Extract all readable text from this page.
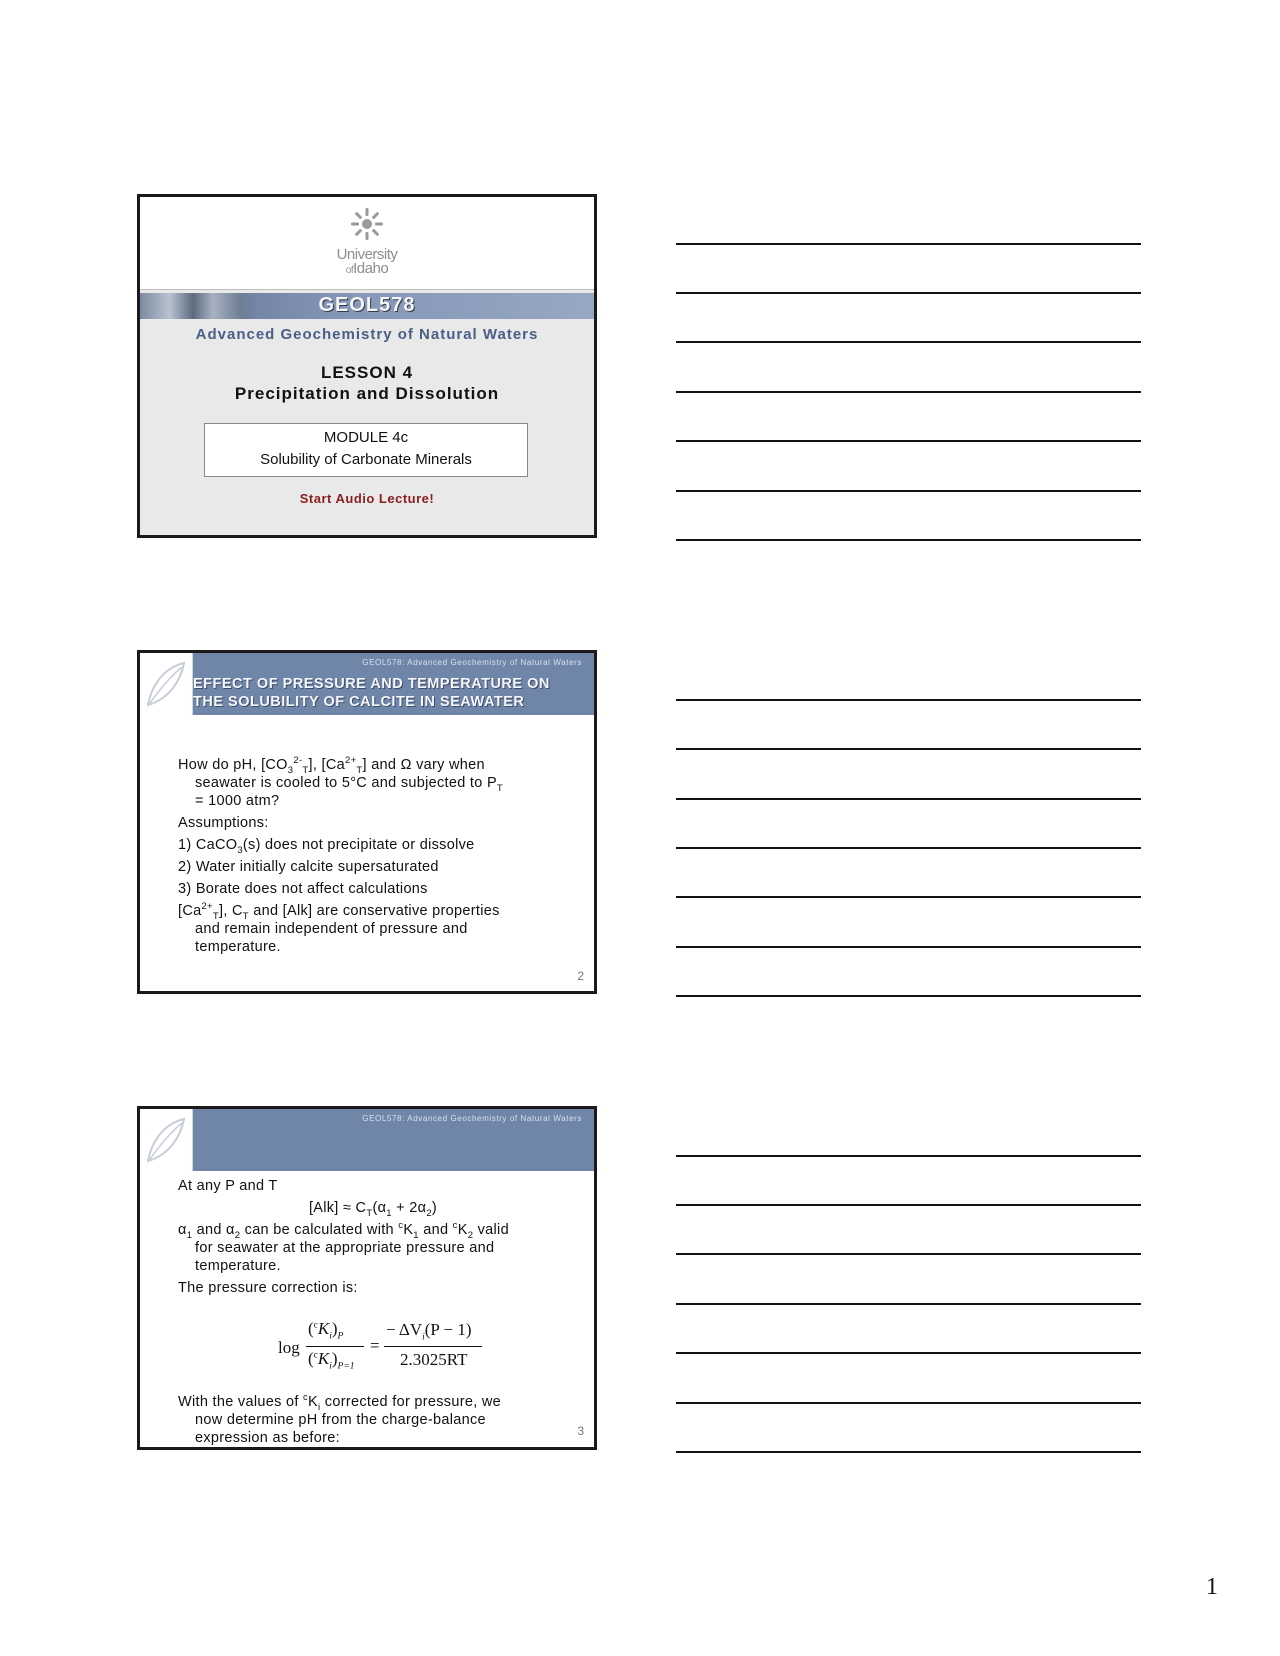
University
ofIdaho
GEOL578
Advanced Geochemistry of Natural Waters
LESSON 4
Precipitation and Dissolution
MODULE 4c
Solubility of Carbonate Minerals
Start Audio Lecture!
GEOL578: Advanced Geochemistry of Natural Waters
EFFECT OF PRESSURE AND TEMPERATURE ON
THE SOLUBILITY OF CALCITE IN SEAWATER

How do pH, $[CO_3^{2-}_T]$, $[Ca^{2+}_T]$ and Ω vary when

seawater is cooled to 5°C and subjected to $P_T$

= 1000 atm?

Assumptions:

1) CaCO$_3$(s) does not precipitate or dissolve

2) Water initially calcite supersaturated

3) Borate does not affect calculations

$[Ca^{2+}_T]$, $C_T$ and [Alk] are conservative properties

and remain independent of pressure and

temperature.

2
GEOL578: Advanced Geochemistry of Natural Waters

At any P and T

$[Alk] \approx C_T(\alpha_1 + 2\alpha_2)$

$\alpha_1$ and $\alpha_2$ can be calculated with $^cK_1$ and $^cK_2$ valid

for seawater at the appropriate pressure and

temperature.

The pressure correction is:

log
$(^cK_i)_P$
$(^cK_i)_{P=1}$
=
− $\Delta V_i(P - 1)$
2.3025RT

With the values of $^cK_i$ corrected for pressure, we

now determine pH from the charge-balance

expression as before:	3
1
